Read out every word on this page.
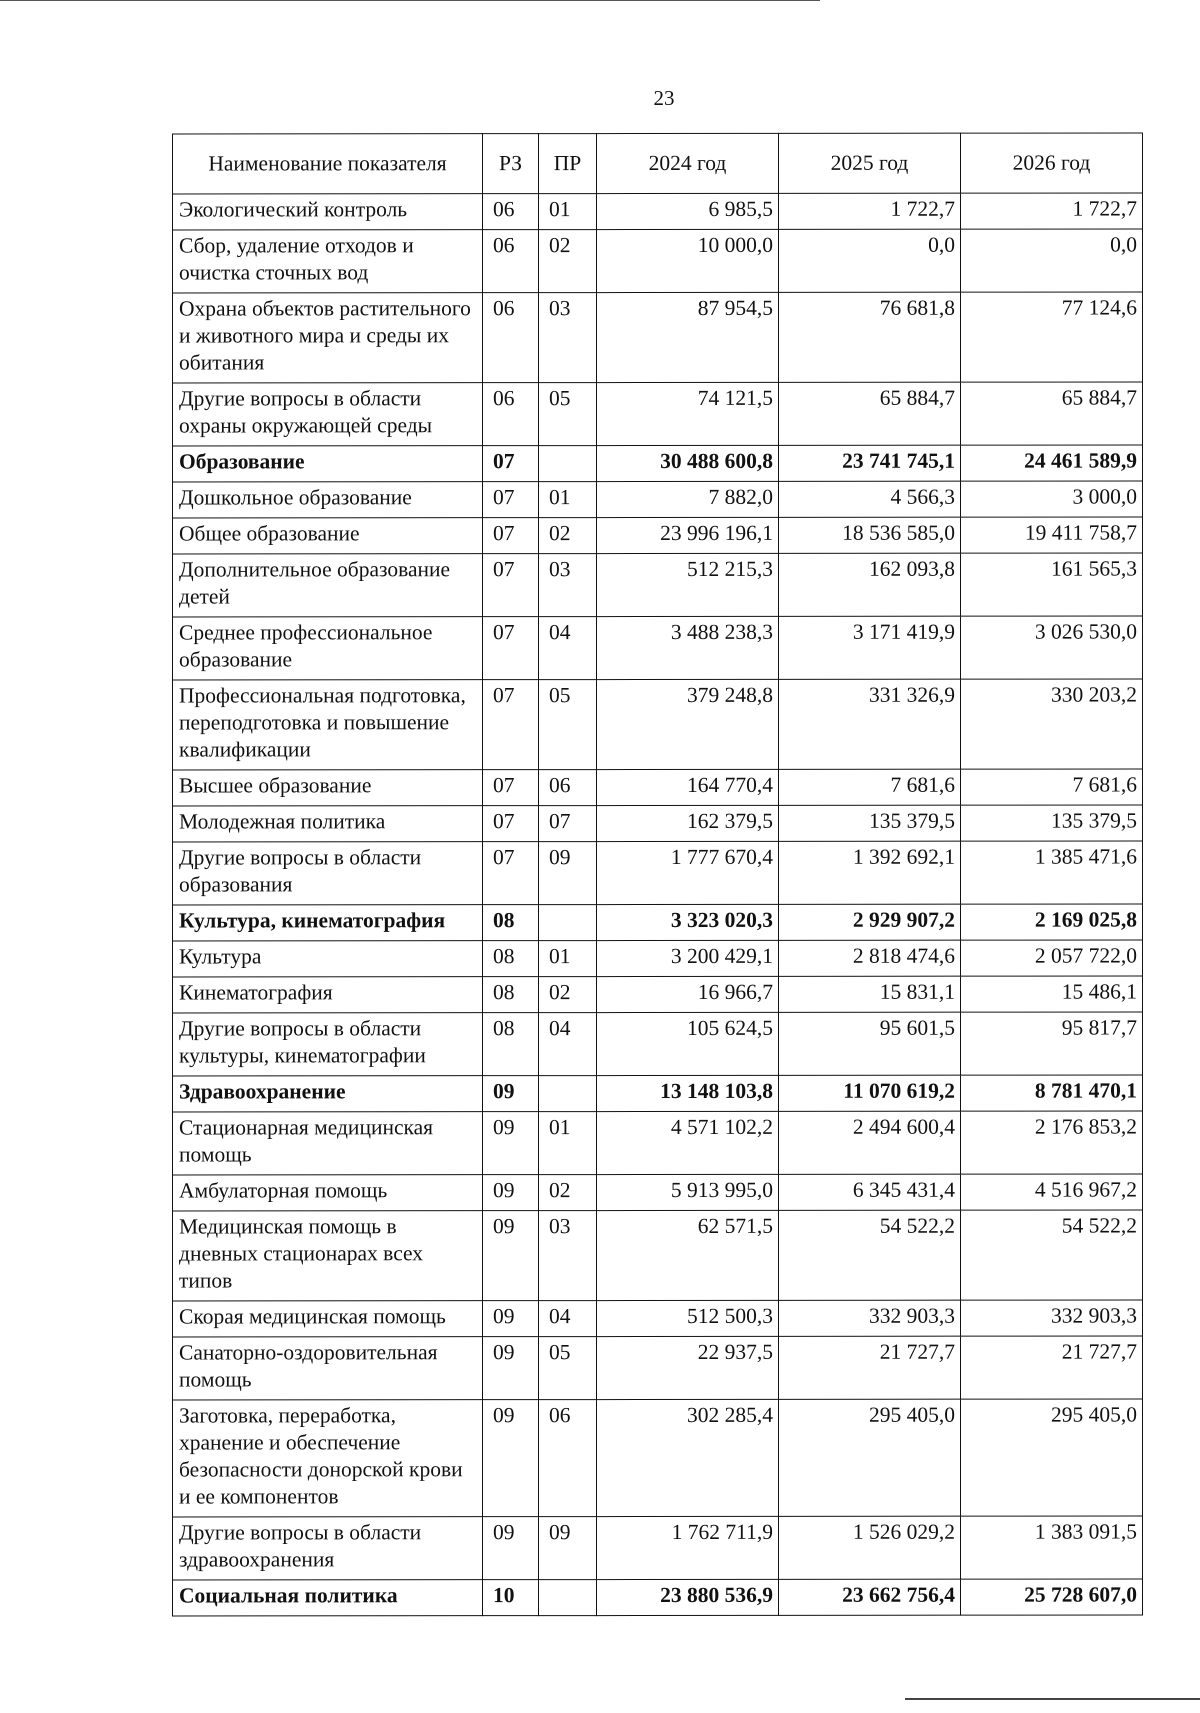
23
Наименование показателя	РЗ	ПР	2024 год	2025 год	2026 год
Экологический контроль	06	01	6 985,5	1 722,7	1 722,7
Сбор, удаление отходов и очистка сточных вод	06	02	10 000,0	0,0	0,0
Охрана объектов растительного и животного мира и среды их обитания	06	03	87 954,5	76 681,8	77 124,6
Другие вопросы в области охраны окружающей среды	06	05	74 121,5	65 884,7	65 884,7
Образование	07		30 488 600,8	23 741 745,1	24 461 589,9
Дошкольное образование	07	01	7 882,0	4 566,3	3 000,0
Общее образование	07	02	23 996 196,1	18 536 585,0	19 411 758,7
Дополнительное образование детей	07	03	512 215,3	162 093,8	161 565,3
Среднее профессиональное образование	07	04	3 488 238,3	3 171 419,9	3 026 530,0
Профессиональная подготовка, переподготовка и повышение квалификации	07	05	379 248,8	331 326,9	330 203,2
Высшее образование	07	06	164 770,4	7 681,6	7 681,6
Молодежная политика	07	07	162 379,5	135 379,5	135 379,5
Другие вопросы в области образования	07	09	1 777 670,4	1 392 692,1	1 385 471,6
Культура, кинематография	08		3 323 020,3	2 929 907,2	2 169 025,8
Культура	08	01	3 200 429,1	2 818 474,6	2 057 722,0
Кинематография	08	02	16 966,7	15 831,1	15 486,1
Другие вопросы в области культуры, кинематографии	08	04	105 624,5	95 601,5	95 817,7
Здравоохранение	09		13 148 103,8	11 070 619,2	8 781 470,1
Стационарная медицинская помощь	09	01	4 571 102,2	2 494 600,4	2 176 853,2
Амбулаторная помощь	09	02	5 913 995,0	6 345 431,4	4 516 967,2
Медицинская помощь в дневных стационарах всех типов	09	03	62 571,5	54 522,2	54 522,2
Скорая медицинская помощь	09	04	512 500,3	332 903,3	332 903,3
Санаторно-оздоровительная помощь	09	05	22 937,5	21 727,7	21 727,7
Заготовка, переработка, хранение и обеспечение безопасности донорской крови и ее компонентов	09	06	302 285,4	295 405,0	295 405,0
Другие вопросы в области здравоохранения	09	09	1 762 711,9	1 526 029,2	1 383 091,5
Социальная политика	10		23 880 536,9	23 662 756,4	25 728 607,0
